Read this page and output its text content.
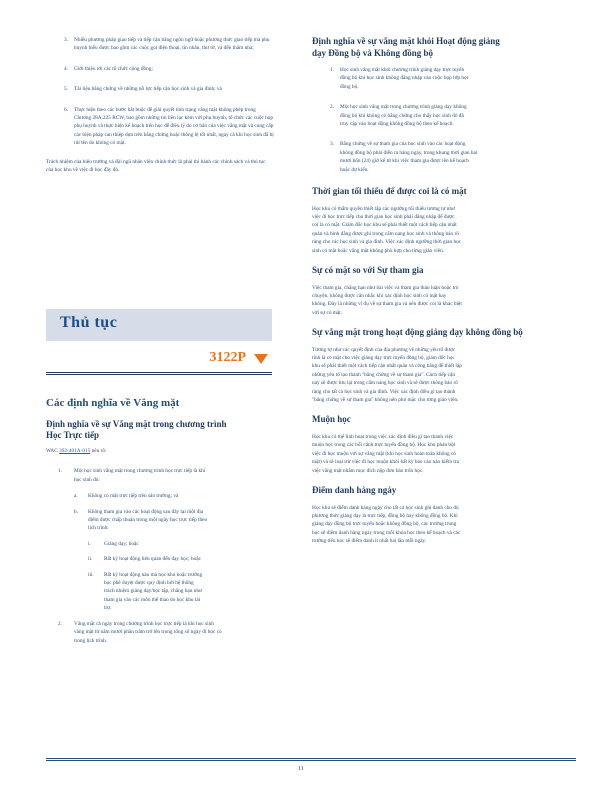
3.	Nhiều phương pháp giao tiếp và tiếp cận bằng ngôn ngữ hoặc phương thức giao tiếp mà phụ huynh hiểu được bao gồm các cuộc gọi điện thoại, tin nhắn, thư từ, và đến thăm nhà;
4.	Giới thiệu tới các tổ chức cộng đồng;
5.	Tài liệu bằng chứng về những nỗ lực tiếp cận học sinh và gia đình; và
6.	Thực hiện theo các bước bắt buộc để giải quyết tình trạng vắng mặt không phép trong Chương 28A.225 RCW, bao gồm những tin liên lạc kèm với phụ huynh, tổ chức các cuộc họp phụ huynh và thực hiện kế hoạch trên học để điều lý do cơ bản của việc vắng mặt và cung cấp các biện pháp can thiệp dựa trên bằng chứng hoặc thông lệ tốt nhất, ngay cả khi học sinh đã bị rút tên do không có mặt.
Trách nhiệm của hiệu trưởng và đội ngũ nhân viên chính thức là phải thi hành các chính sách và thủ tục của học khu về việc đi học đầy đủ.
Thủ tục
3122P
Các định nghĩa về Vắng mặt
Định nghĩa về sự Vắng mặt trong chương trình Học Trực tiếp
WAC 392-401A-015 nêu rõ:
1. Một học sinh vắng mặt trong chương trình học trực tiếp là khi học sinh đó:
a. Không có mặt trực tiếp trên sân trường; và
b. Không tham gia vào các hoạt động sau đây tại một địa điểm được chấp thuận trong một ngày học trực tiếp theo lịch trình:
i. Giảng dạy; hoặc
ii. Bất kỳ hoạt động liên quan đến dạy học; hoặc
iii. Bất kỳ hoạt động nào mà học khu hoặc trường học phê duyệt được quy định bởi hệ thống trách nhiệm giảng dạy/học tập, chẳng hạn như tham gia vào các môn thể thao do học khu tài trợ.
2. Vắng mặt cả ngày trong chương trình học trực tiếp là khi học sinh vắng mặt từ năm mươi phần trăm trở lên trong tổng số ngày đi học có trong lịch trình.
Định nghĩa về sự vắng mặt khỏi Hoạt động giảng dạy Đồng bộ và Không đồng bộ
1.	Học sinh vắng mặt khỏi chương trình giảng dạy trực tuyến đồng bộ khi học sinh không đăng nhập vào cuộc họp lớp học đồng bộ.
2.	Một học sinh vắng mặt trong chương trình giảng dạy không đồng bộ khi không có bằng chứng cho thấy học sinh đó đã truy cập vào hoạt động không đồng bộ theo kế hoạch.
3.	Bằng chứng về sự tham gia của học sinh vào các hoạt động không đồng bộ phải diễn ra hàng ngày, trong khung thời gian hai mươi bốn (24) giờ kể từ khi việc tham gia được lên kế hoạch hoặc dự kiến.
Thời gian tối thiểu để được coi là có mặt
Học khu có thẩm quyền thiết lập các ngưỡng tối thiểu tương tự như việc đi học trực tiếp cho thời gian học sinh phải đăng nhập để được coi là có mặt. Giám đốc học khu sẽ phải thiết một cách tiếp cận nhất quán và bình đẳng được ghi trong cẩm nang học sinh và thông báo rõ ràng cho các học sinh và gia đình. Việc xác định ngưỡng thời gian học sinh có mặt hoặc vắng mặt không phù hợp cho từng giáo viên.
Sự có mặt so với Sự tham gia
Việc tham gia, chẳng hạn như bài việc và tham gia thảo luận hoặc trò chuyện, không được căn nhắc khi xác định học sinh có mặt hay không. Đây là những ví dụ về sự tham gia và nên được coi là khác biệt với sự có mặt.
Sự vắng mặt trong hoạt động giảng dạy không đồng bộ
Tương tự như các quyết định của địa phương về những yêu tố được tính là có mặt cho việc giảng dạy trực tuyến đồng bộ, giám đốc học khu sẽ phải thiết một cách tiếp cận nhất quán và công bằng để thiết lập những yêu tố tạo thành "bằng chứng về sự tham gia". Cách tiếp cận này sẽ được lưu lại trong cẩm nang học sinh và sẽ được thông báo rõ ràng cho tất cả học sinh và gia đình. Việc xác định điều gì tạo thành "bằng chứng về sự tham gia" không nên phó mặc cho từng giáo viên.
Muộn học
Học khu có thể linh hoạt trong việc xác định điều gì tạo thành việc muộn học trong các bối cảnh trực tuyến đồng bộ. Học khu phản bội việc đi học muộn với sự vắng mặt (khi học sinh hoàn toàn không có mặt) và sẽ loại trừ việc đi học muộn khỏi bất kỳ báo cáo nào kiểm tra việc vắng mặt nhằm mục đích nộp đơn báo trốn học.
Điểm danh hàng ngày
Học khu sẽ điểm danh hàng ngày cho tất cả học sinh ghi danh cho dù phương thức giảng dạy là trực tiếp, đồng bộ hay không đồng bộ. Khi giảng dạy đồng bộ trực tuyến hoặc không đồng bộ, các trường trung học sẽ điểm danh hàng ngày trong mỗi khóa học theo kế hoạch và các trường tiểu học sẽ điểm danh ít nhất hai lần mỗi ngày.
11
